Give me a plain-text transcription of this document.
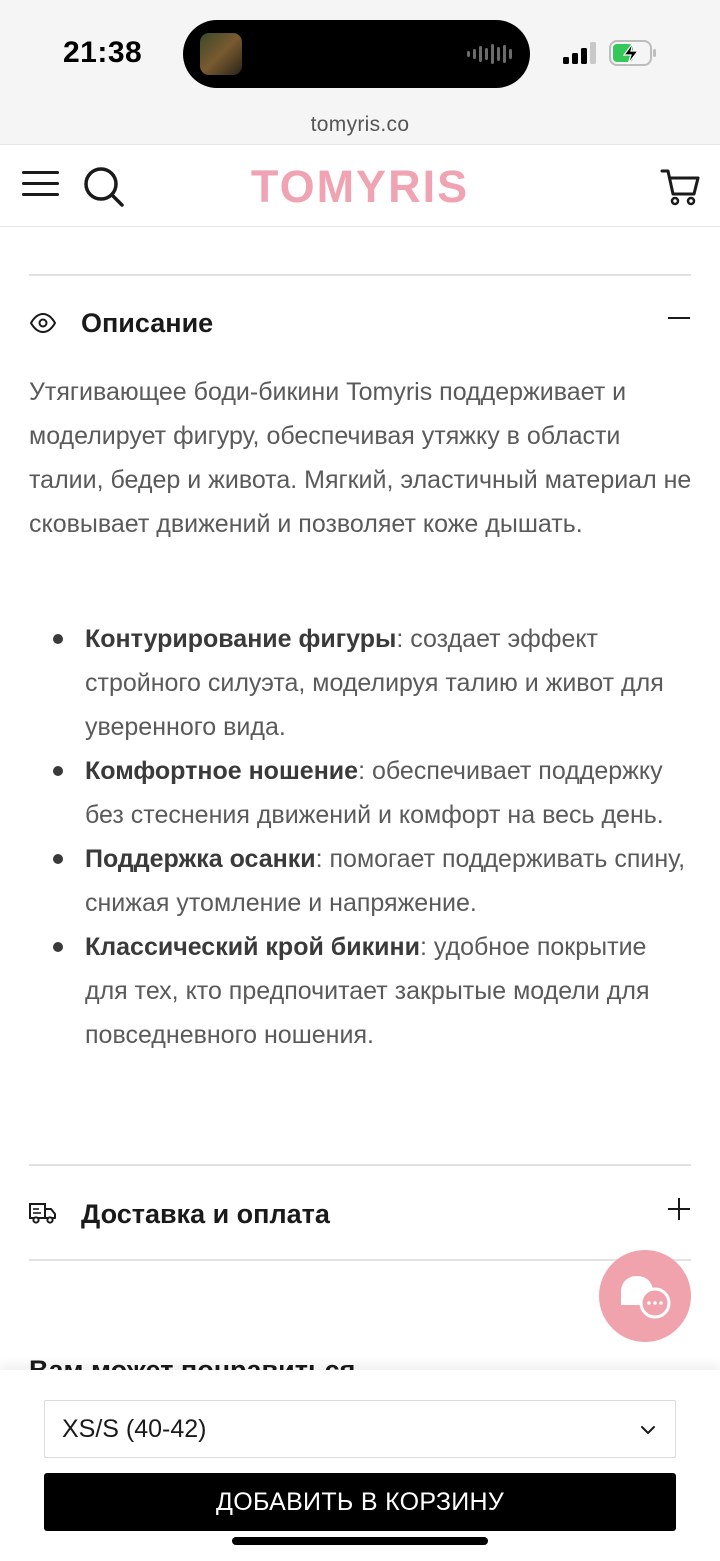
21:38
tomyris.co
TOMYRIS
Описание

Утягивающее боди-бикини Tomyris поддерживает и моделирует фигуру, обеспечивая утяжку в области талии, бедер и живота. Мягкий, эластичный материал не сковывает движений и позволяет коже дышать.

Контурирование фигуры: создает эффект стройного силуэта, моделируя талию и живот для уверенного вида.
Комфортное ношение: обеспечивает поддержку без стеснения движений и комфорт на весь день.
Поддержка осанки: помогает поддерживать спину, снижая утомление и напряжение.
Классический крой бикини: удобное покрытие для тех, кто предпочитает закрытые модели для повседневного ношения.
Доставка и оплата
XS/S (40-42)
ДОБАВИТЬ В КОРЗИНУ
